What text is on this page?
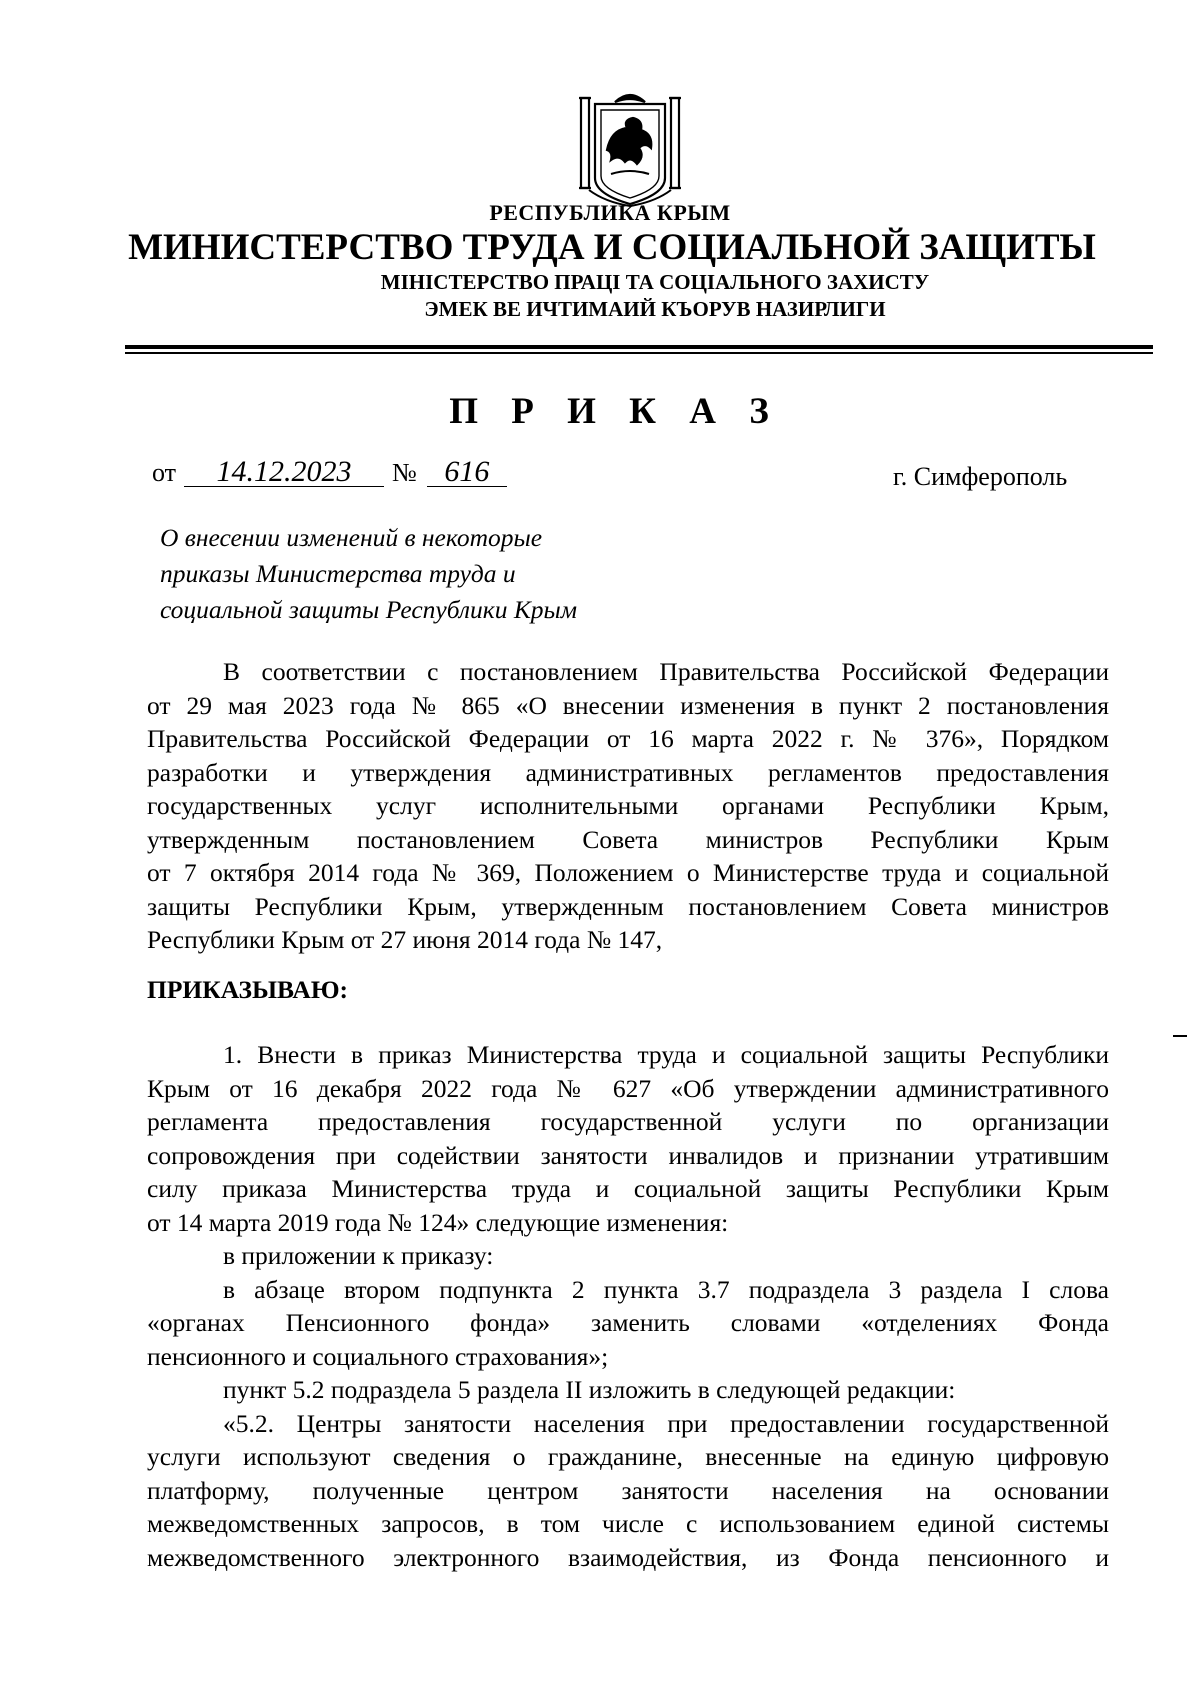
РЕСПУБЛИКА КРЫМ
МИНИСТЕРСТВО ТРУДА И СОЦИАЛЬНОЙ ЗАЩИТЫ
МІНІСТЕРСТВО ПРАЦІ ТА СОЦІАЛЬНОГО ЗАХИСТУ
ЭМЕК ВЕ ИЧТИМАИЙ КЪОРУВ НАЗИРЛИГИ
П Р И К А З
от 14.12.2023 № 616	г. Симферополь
О внесении изменений в некоторые
приказы Министерства труда и
социальной защиты Республики Крым
В соответствии с постановлением Правительства Российской Федерации
от 29 мая 2023 года № 865 «О внесении изменения в пункт 2 постановления
Правительства Российской Федерации от 16 марта 2022 г. № 376», Порядком
разработки и утверждения административных регламентов предоставления
государственных услуг исполнительными органами Республики Крым,
утвержденным постановлением Совета министров Республики Крым
от 7 октября 2014 года № 369, Положением о Министерстве труда и социальной
защиты Республики Крым, утвержденным постановлением Совета министров
Республики Крым от 27 июня 2014 года № 147,
ПРИКАЗЫВАЮ:
1. Внести в приказ Министерства труда и социальной защиты Республики
Крым от 16 декабря 2022 года № 627 «Об утверждении административного
регламента предоставления государственной услуги по организации
сопровождения при содействии занятости инвалидов и признании утратившим
силу приказа Министерства труда и социальной защиты Республики Крым
от 14 марта 2019 года № 124» следующие изменения:
в приложении к приказу:
в абзаце втором подпункта 2 пункта 3.7 подраздела 3 раздела I слова
«органах Пенсионного фонда» заменить словами «отделениях Фонда
пенсионного и социального страхования»;
пункт 5.2 подраздела 5 раздела II изложить в следующей редакции:
«5.2. Центры занятости населения при предоставлении государственной
услуги используют сведения о гражданине, внесенные на единую цифровую
платформу, полученные центром занятости населения на основании
межведомственных запросов, в том числе с использованием единой системы
межведомственного электронного взаимодействия, из Фонда пенсионного и
